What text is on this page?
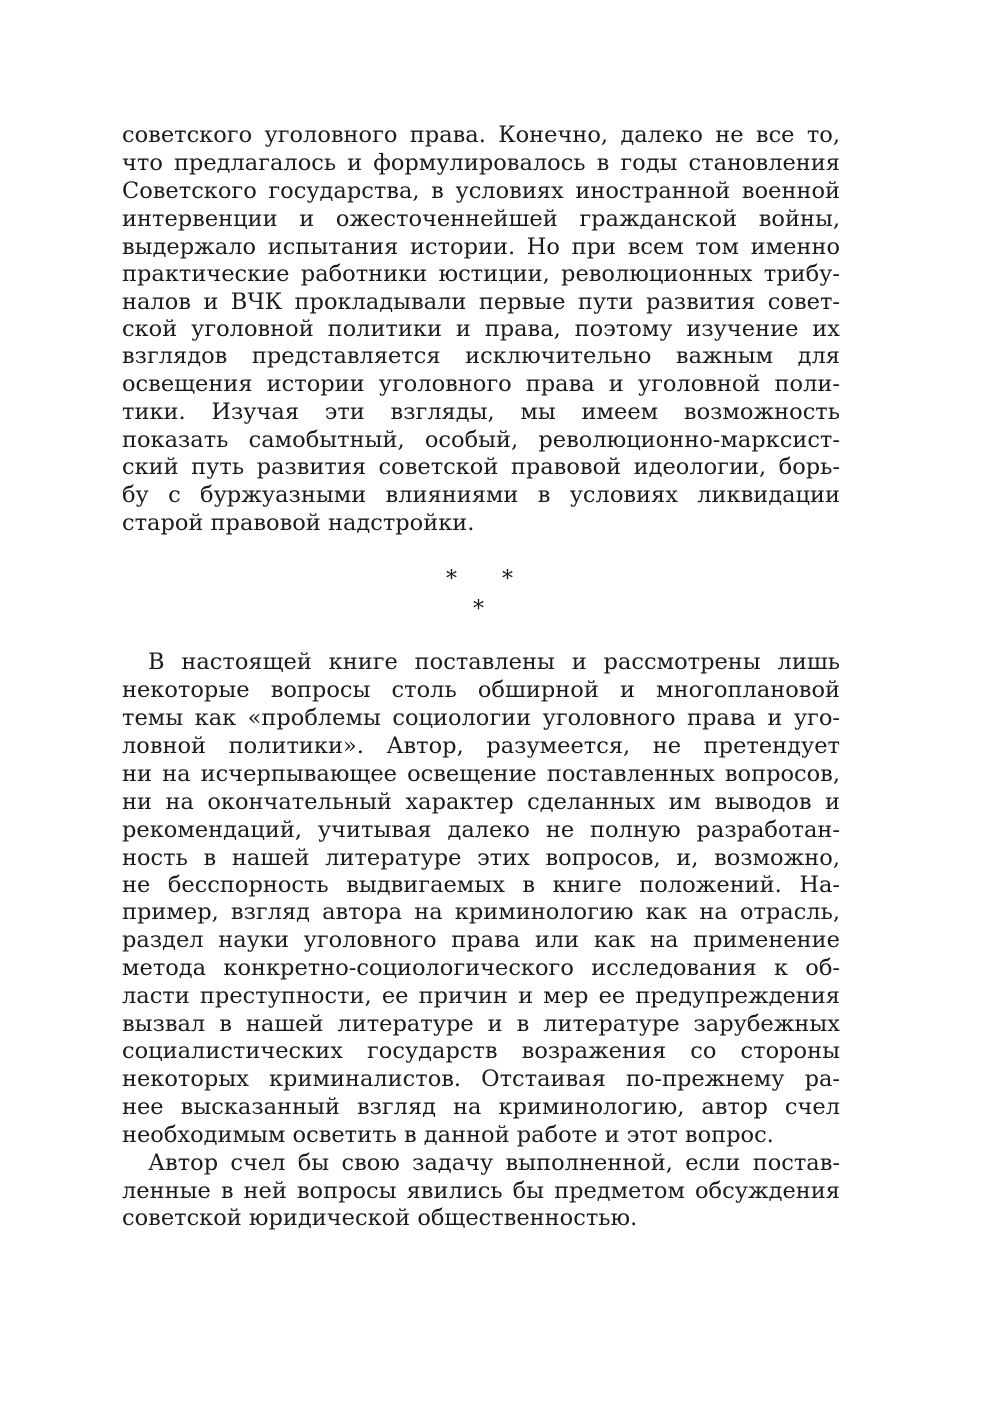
советского уголовного права. Конечно, далеко не все то,

что предлагалось и формулировалось в годы становления

Советского государства, в условиях иностранной военной

интервенции и ожесточеннейшей гражданской войны,

выдержало испытания истории. Но при всем том именно

практические работники юстиции, революционных трибу-

налов и ВЧК прокладывали первые пути развития совет-

ской уголовной политики и права, поэтому изучение их

взглядов представляется исключительно важным для

освещения истории уголовного права и уголовной поли-

тики. Изучая эти взгляды, мы имеем возможность

показать самобытный, особый, революционно-марксист-

ский путь развития советской правовой идеологии, борь-

бу с буржуазными влияниями в условиях ликвидации

старой правовой надстройки.

* *
*

В настоящей книге поставлены и рассмотрены лишь

некоторые вопросы столь обширной и многоплановой

темы как «проблемы социологии уголовного права и уго-

ловной политики». Автор, разумеется, не претендует

ни на исчерпывающее освещение поставленных вопросов,

ни на окончательный характер сделанных им выводов и

рекомендаций, учитывая далеко не полную разработан-

ность в нашей литературе этих вопросов, и, возможно,

не бесспорность выдвигаемых в книге положений. На-

пример, взгляд автора на криминологию как на отрасль,

раздел науки уголовного права или как на применение

метода конкретно-социологического исследования к об-

ласти преступности, ее причин и мер ее предупреждения

вызвал в нашей литературе и в литературе зарубежных

социалистических государств возражения со стороны

некоторых криминалистов. Отстаивая по-прежнему ра-

нее высказанный взгляд на криминологию, автор счел

необходимым осветить в данной работе и этот вопрос.

Автор счел бы свою задачу выполненной, если постав-

ленные в ней вопросы явились бы предметом обсуждения

советской юридической общественностью.
